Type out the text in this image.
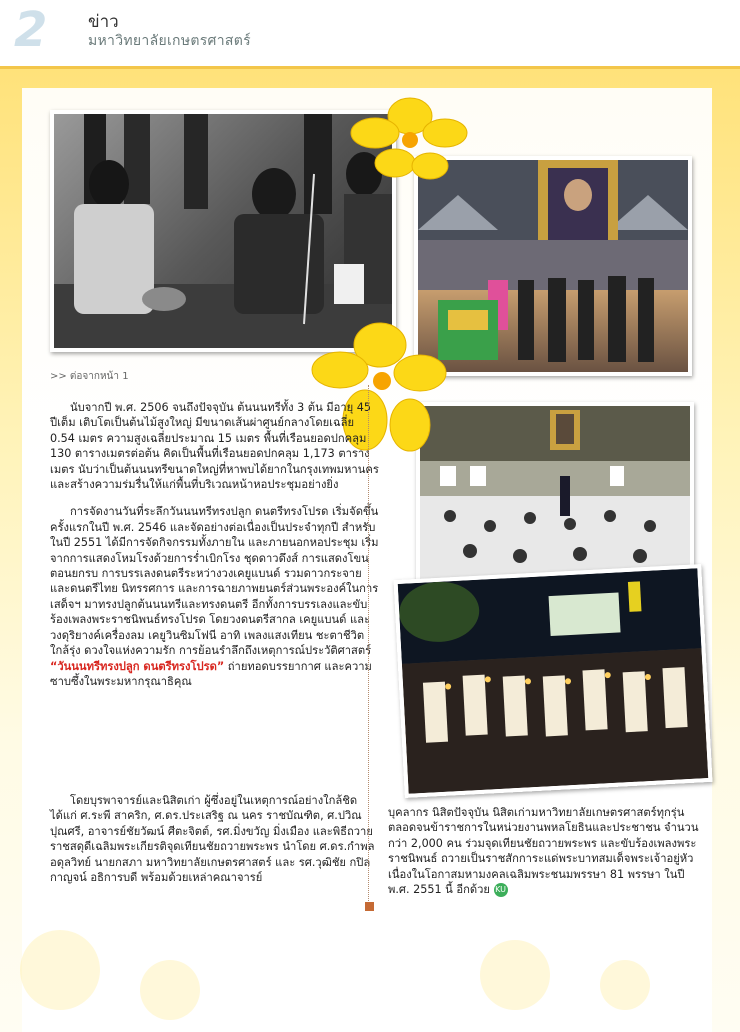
2 ข่าว
มหาวิทยาลัยเกษตรศาสตร์
>> ต่อจากหน้า 1

นับจากปี พ.ศ. 2506 จนถึงปัจจุบัน ต้นนนทรีทั้ง 3 ต้น มีอายุ 45 ปีเต็ม เติบโตเป็นต้นไม้สูงใหญ่ มีขนาดเส้นผ่าศูนย์กลางโดยเฉลี่ย 0.54 เมตร ความสูงเฉลี่ยประมาณ 15 เมตร พื้นที่เรือนยอดปกคลุม 130 ตารางเมตรต่อต้น คิดเป็นพื้นที่เรือนยอดปกคลุม 1,173 ตารางเมตร นับว่าเป็นต้นนนทรีขนาดใหญ่ที่หาพบได้ยากในกรุงเทพมหานคร และสร้างความร่มรื่นให้แก่พื้นที่บริเวณหน้าหอประชุมอย่างยิ่ง

การจัดงานวันที่ระลึกวันนนทรีทรงปลูก ดนตรีทรงโปรด เริ่มจัดขึ้นครั้งแรกในปี พ.ศ. 2546 และจัดอย่างต่อเนื่องเป็นประจำทุกปี สำหรับในปี 2551 ได้มีการจัดกิจกรรมทั้งภายใน และภายนอกหอประชุม เริ่มจากการแสดงโหมโรงด้วยการร่ำเบิกโรง ชุดดาวดึงส์ การแสดงโขน ตอนยกรบ การบรรเลงดนตรีระหว่างวงเคยูแบนด์ รวมดาวกระจายและดนตรีไทย นิทรรศการ และการฉายภาพยนตร์ส่วนพระองค์ในการเสด็จฯ มาทรงปลูกต้นนนทรีและทรงดนตรี อีกทั้งการบรรเลงและขับร้องเพลงพระราชนิพนธ์ทรงโปรด โดยวงดนตรีสากล เคยูแบนด์ และวงดุริยางค์เครื่องลม เคยูวินซิมโฟนี อาทิ เพลงแสงเทียน ชะตาชีวิต ใกล้รุ่ง ดวงใจแห่งความรัก การย้อนรำลึกถึงเหตุการณ์ประวัติศาสตร์ “วันนนทรีทรงปลูก ดนตรีทรงโปรด” ถ่ายทอดบรรยากาศ และความซาบซึ้งในพระมหากรุณาธิคุณ

โดยบุรพาจารย์และนิสิตเก่า ผู้ซึ่งอยู่ในเหตุการณ์อย่างใกล้ชิด ได้แก่ ศ.ระพี สาคริก, ศ.ดร.ประเสริฐ ณ นคร ราชบัณฑิต, ศ.ปวิณ ปุณศรี, อาจารย์ชัยวัฒน์ ศีตะจิตต์, รศ.มิ่งขวัญ มิ่งเมือง และพิธีถวายราชสดุดีเฉลิมพระเกียรติจุดเทียนชัยถวายพระพร นำโดย ศ.ดร.กำพล อดุลวิทย์ นายกสภา มหาวิทยาลัยเกษตรศาสตร์ และ รศ.วุฒิชัย กปิลกาญจน์ อธิการบดี พร้อมด้วยเหล่าคณาจารย์

บุคลากร นิสิตปัจจุบัน นิสิตเก่ามหาวิทยาลัยเกษตรศาสตร์ทุกรุ่น ตลอดจนข้าราชการในหน่วยงานพหลโยธินและประชาชน จำนวนกว่า 2,000 คน ร่วมจุดเทียนชัยถวายพระพร และขับร้องเพลงพระราชนิพนธ์ ถวายเป็นราชสักการะแด่พระบาทสมเด็จพระเจ้าอยู่หัว เนื่องในโอกาสมหามงคลเฉลิมพระชนมพรรษา 81 พรรษา ในปี พ.ศ. 2551 นี้ อีกด้วย KU
